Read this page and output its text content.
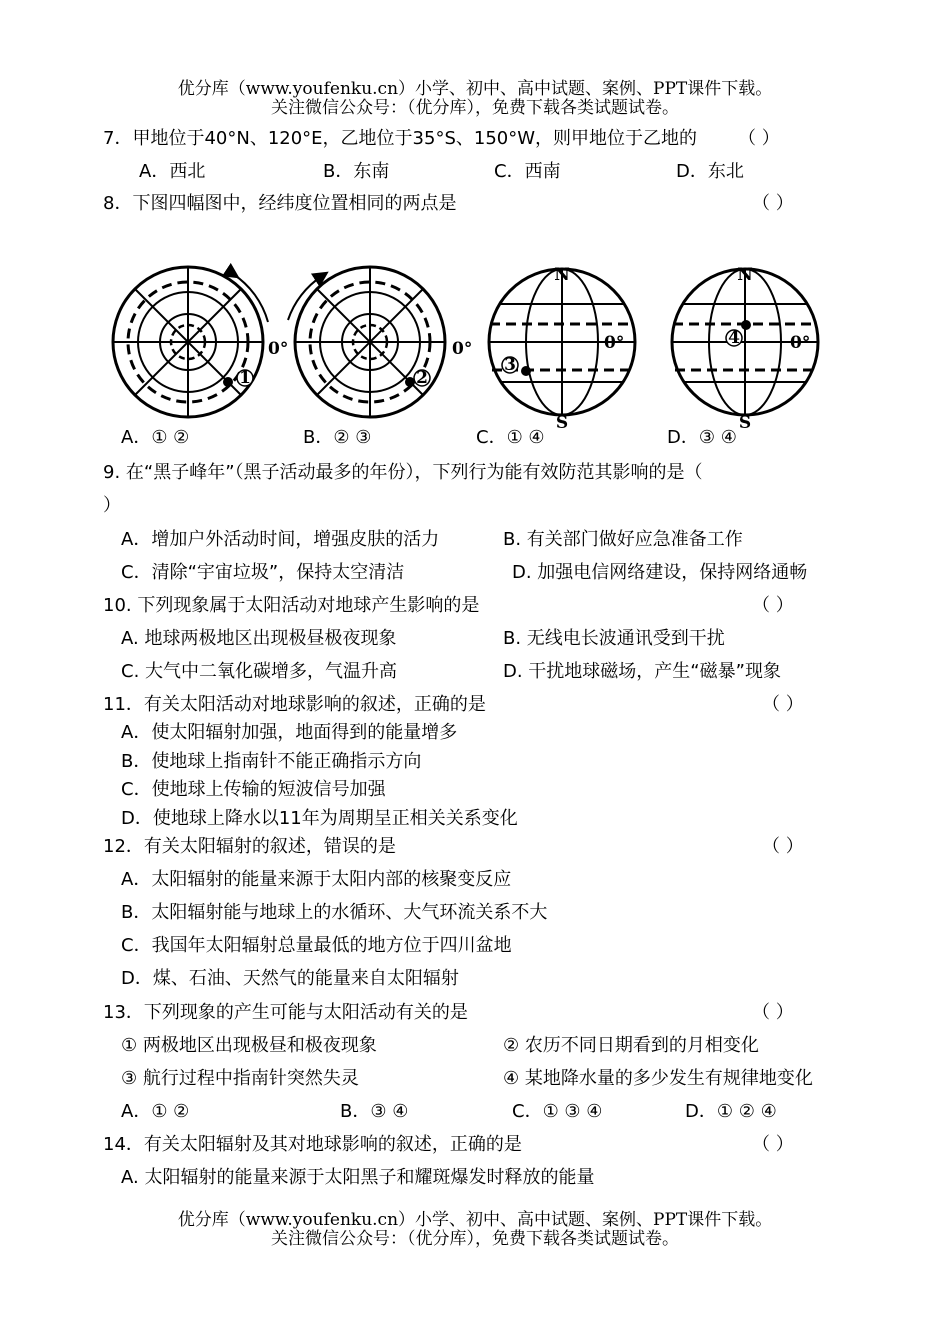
优分库（www.youfenku.cn）小学、初中、高中试题、案例、PPT课件下载。
关注微信公众号：（优分库），免费下载各类试题试卷。
7．甲地位于40°N、120°E，乙地位于35°S、150°W，则甲地位于乙地的 （ ）
A．西北	B．东南	C．西南	D．东北
8．下图四幅图中，经纬度位置相同的两点是	（ ）
1
0°
2
0°
N
S
3
0°
N
S
4	0°
A．① ②	B．② ③	C．① ④	D．③ ④
9. 在“黑子峰年”（黑子活动最多的年份），下列行为能有效防范其影响的是（
）
A．增加户外活动时间，增强皮肤的活力	B. 有关部门做好应急准备工作
C．清除“宇宙垃圾”，保持太空清洁	D. 加强电信网络建设，保持网络通畅
10. 下列现象属于太阳活动对地球产生影响的是	（ ）
A. 地球两极地区出现极昼极夜现象	B. 无线电长波通讯受到干扰
C. 大气中二氧化碳增多，气温升高	D. 干扰地球磁场，产生“磁暴”现象
11．有关太阳活动对地球影响的叙述，正确的是	（ ）
A．使太阳辐射加强，地面得到的能量增多
B．使地球上指南针不能正确指示方向
C．使地球上传输的短波信号加强
D．使地球上降水以11年为周期呈正相关关系变化
12．有关太阳辐射的叙述，错误的是	（ ）
A．太阳辐射的能量来源于太阳内部的核聚变反应
B．太阳辐射能与地球上的水循环、大气环流关系不大
C．我国年太阳辐射总量最低的地方位于四川盆地
D．煤、石油、天然气的能量来自太阳辐射
13．下列现象的产生可能与太阳活动有关的是	（ ）
① 两极地区出现极昼和极夜现象	② 农历不同日期看到的月相变化
③ 航行过程中指南针突然失灵	④ 某地降水量的多少发生有规律地变化
A．① ②	B．③ ④	C．① ③ ④	D．① ② ④
14．有关太阳辐射及其对地球影响的叙述，正确的是	（ ）
A. 太阳辐射的能量来源于太阳黑子和耀斑爆发时释放的能量
优分库（www.youfenku.cn）小学、初中、高中试题、案例、PPT课件下载。
关注微信公众号：（优分库），免费下载各类试题试卷。
